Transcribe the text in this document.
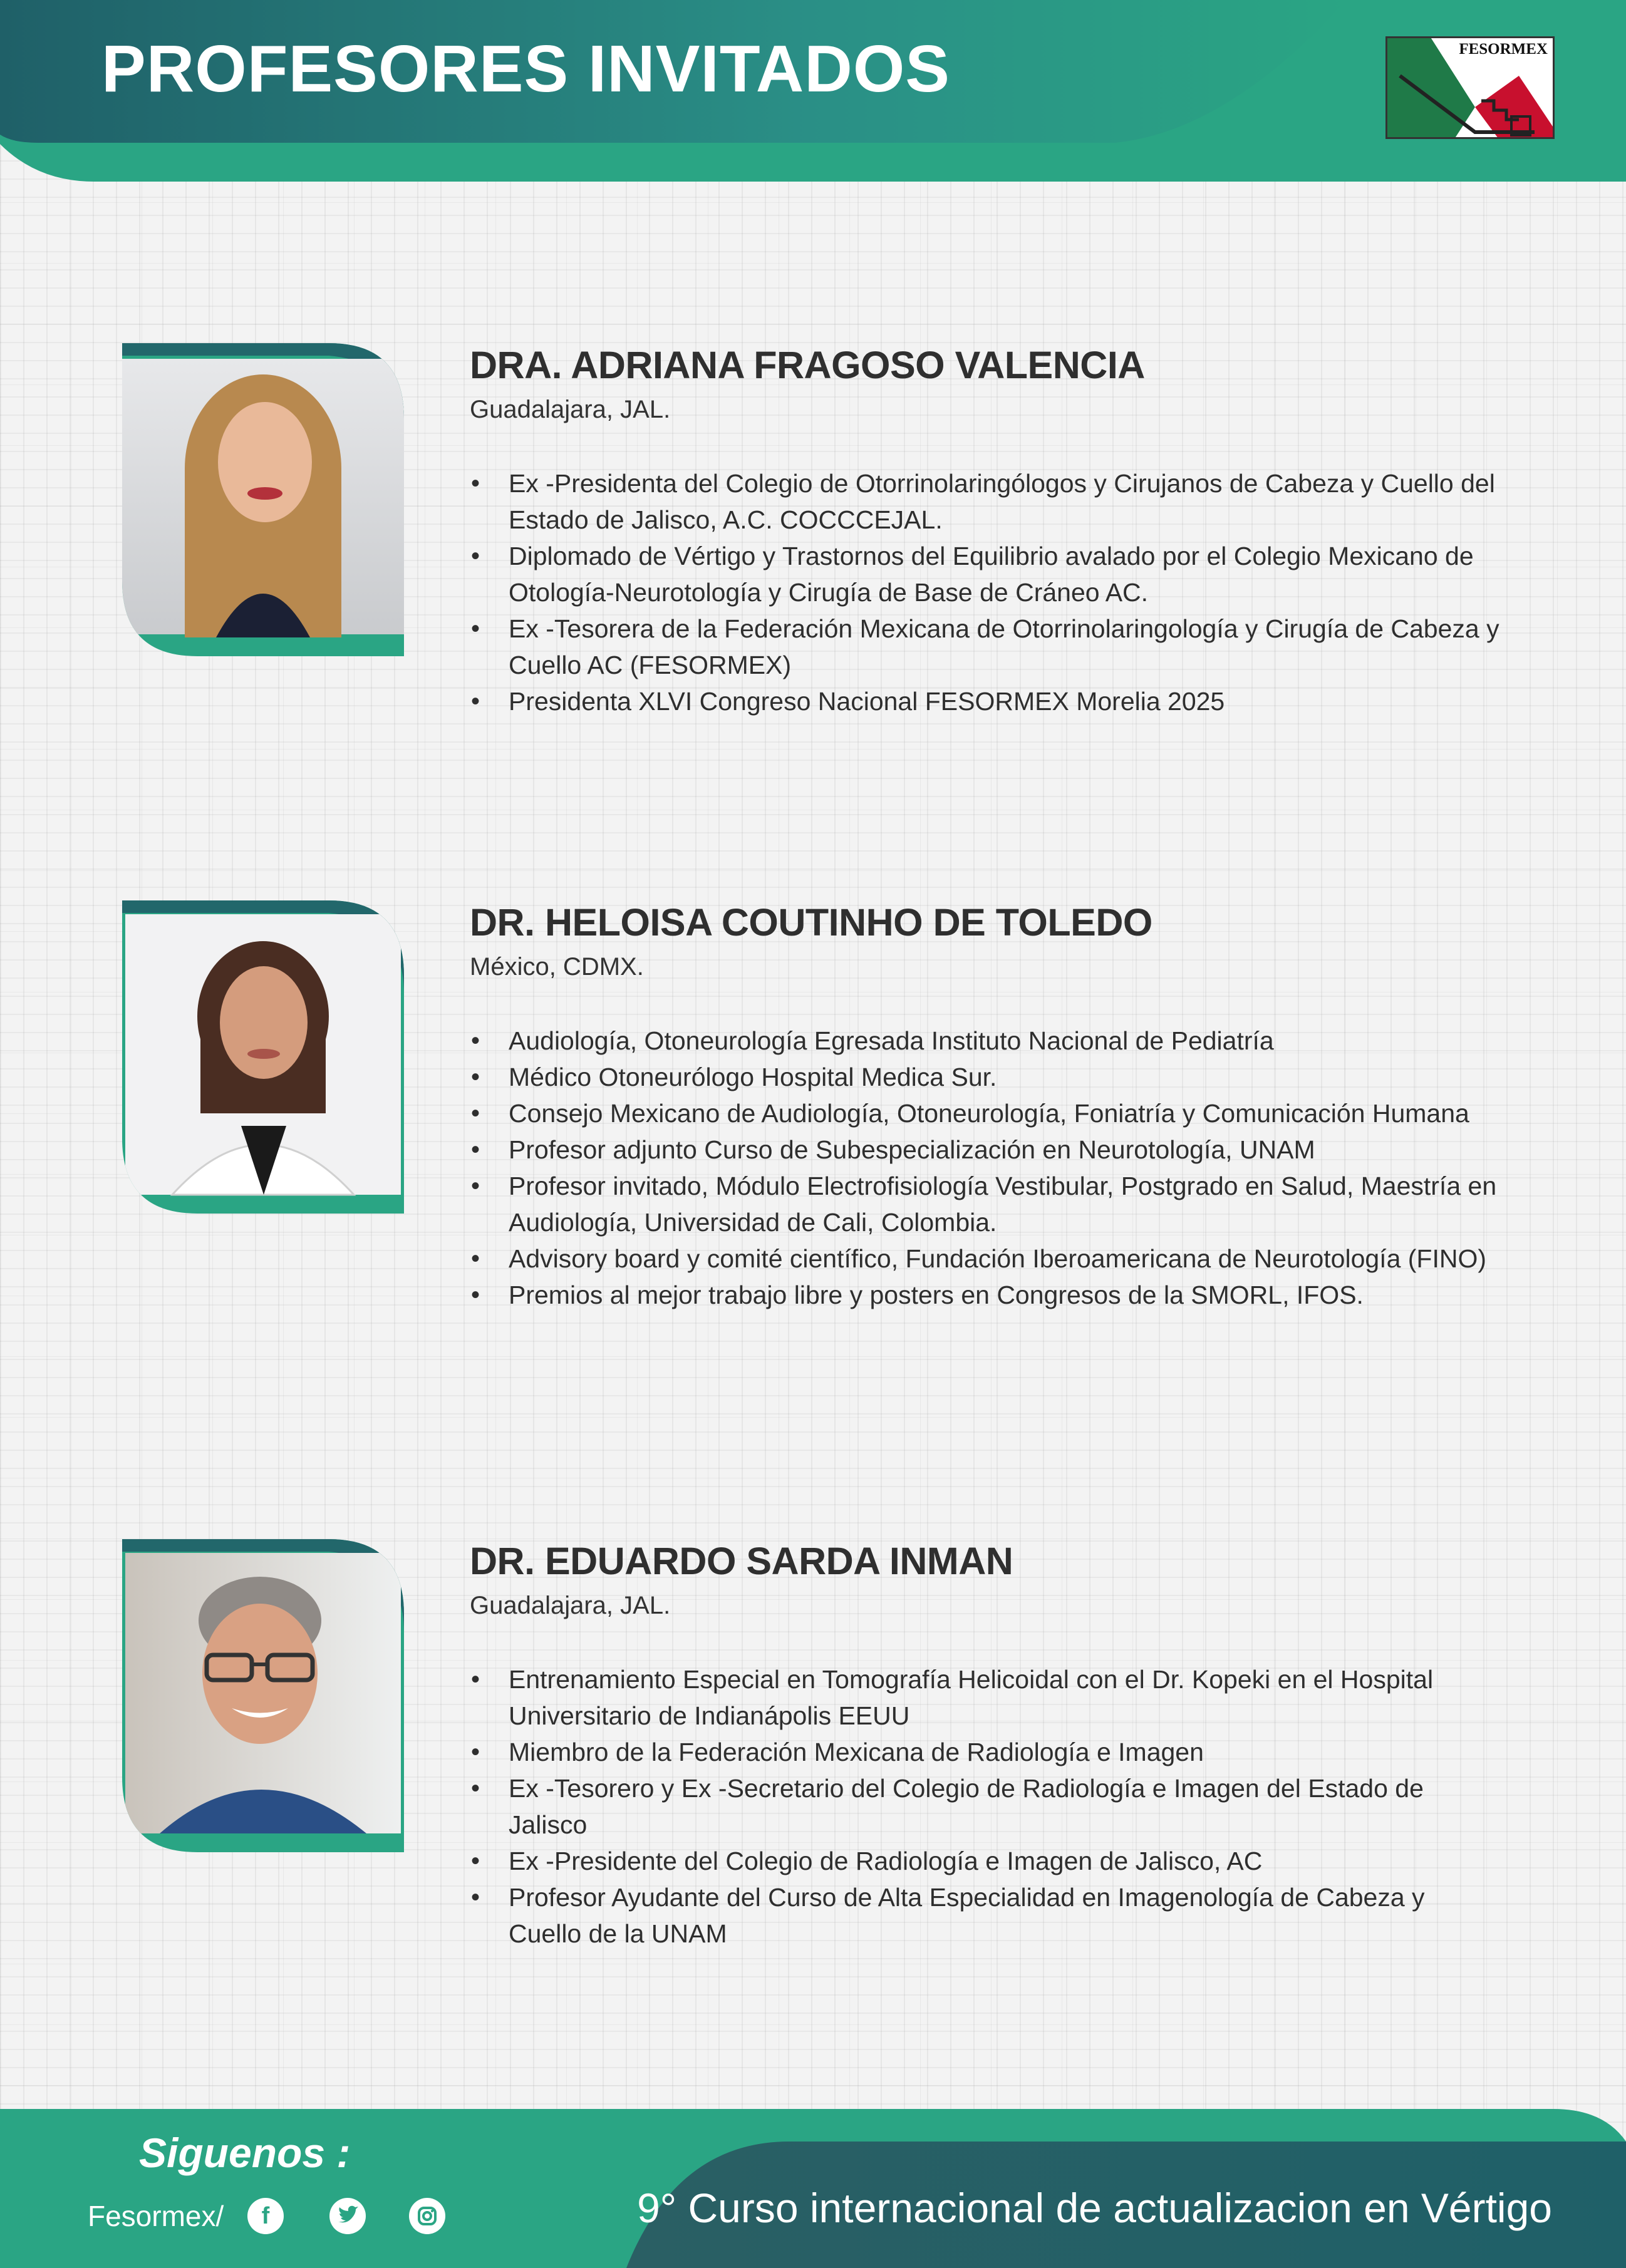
PROFESORES INVITADOS	FESORMEX
DRA. ADRIANA FRAGOSO VALENCIA
Guadalajara, JAL.
• Ex -Presidenta del Colegio de Otorrinolaringólogos y Cirujanos de Cabeza y Cuello del Estado de Jalisco, A.C. COCCCEJAL.
• Diplomado de Vértigo y Trastornos del Equilibrio avalado por el Colegio Mexicano de Otología-Neurotología y Cirugía de Base de Cráneo AC.
• Ex -Tesorera de la Federación Mexicana de Otorrinolaringología y Cirugía de Cabeza y Cuello AC (FESORMEX)
• Presidenta XLVI Congreso Nacional FESORMEX Morelia 2025
DR. HELOISA COUTINHO DE TOLEDO
México, CDMX.
• Audiología, Otoneurología Egresada Instituto Nacional de Pediatría
• Médico Otoneurólogo Hospital Medica Sur.
• Consejo Mexicano de Audiología, Otoneurología, Foniatría y Comunicación Humana
• Profesor adjunto Curso de Subespecialización en Neurotología, UNAM
• Profesor invitado, Módulo Electrofisiología Vestibular, Postgrado en Salud, Maestría en Audiología, Universidad de Cali, Colombia.
• Advisory board y comité científico, Fundación Iberoamericana de Neurotología (FINO)
• Premios al mejor trabajo libre y posters en Congresos de la SMORL, IFOS.
DR. EDUARDO SARDA INMAN
Guadalajara, JAL.
• Entrenamiento Especial en Tomografía Helicoidal con el Dr. Kopeki en el Hospital Universitario de Indianápolis EEUU
• Miembro de la Federación Mexicana de Radiología e Imagen
• Ex -Tesorero y Ex -Secretario del Colegio de Radiología e Imagen del Estado de Jalisco
• Ex -Presidente del Colegio de Radiología e Imagen de Jalisco, AC
• Profesor Ayudante del Curso de Alta Especialidad en Imagenología de Cabeza y Cuello de la UNAM
Siguenos :
Fesormex/	f	9° Curso internacional de actualizacion en Vértigo
